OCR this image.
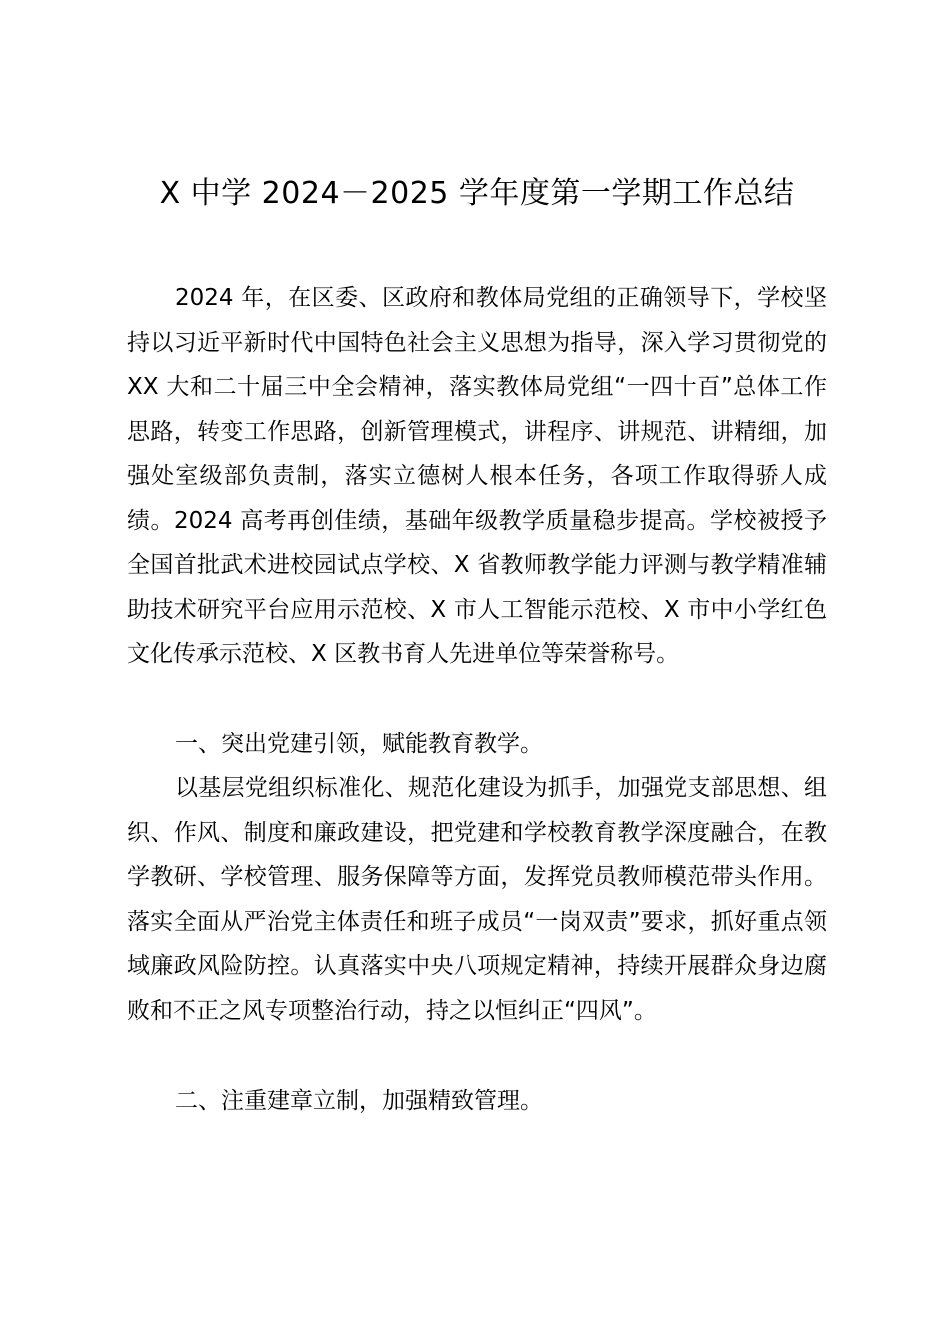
X 中学 2024－2025 学年度第一学期工作总结

2024 年，在区委、区政府和教体局党组的正确领导下，学校坚持以习近平新时代中国特色社会主义思想为指导，深入学习贯彻党的 XX 大和二十届三中全会精神，落实教体局党组“一四十百”总体工作思路，转变工作思路，创新管理模式，讲程序、讲规范、讲精细，加强处室级部负责制，落实立德树人根本任务，各项工作取得骄人成绩。2024 高考再创佳绩，基础年级教学质量稳步提高。学校被授予全国首批武术进校园试点学校、X 省教师教学能力评测与教学精准辅助技术研究平台应用示范校、X 市人工智能示范校、X 市中小学红色文化传承示范校、X 区教书育人先进单位等荣誉称号。

一、突出党建引领，赋能教育教学。

以基层党组织标准化、规范化建设为抓手，加强党支部思想、组织、作风、制度和廉政建设，把党建和学校教育教学深度融合，在教学教研、学校管理、服务保障等方面，发挥党员教师模范带头作用。落实全面从严治党主体责任和班子成员“一岗双责”要求，抓好重点领域廉政风险防控。认真落实中央八项规定精神，持续开展群众身边腐败和不正之风专项整治行动，持之以恒纠正“四风”。

二、注重建章立制，加强精致管理。
